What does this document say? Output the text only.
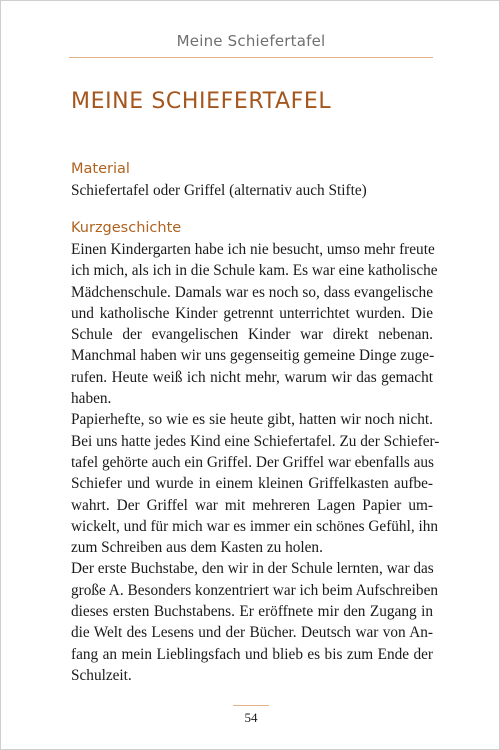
Meine Schiefertafel
MEINE SCHIEFERTAFEL
Material
Schiefertafel oder Griffel (alternativ auch Stifte)
Kurzgeschichte
Einen Kindergarten habe ich nie besucht, umso mehr freute
ich mich, als ich in die Schule kam. Es war eine katholische
Mädchenschule. Damals war es noch so, dass evangelische
und katholische Kinder getrennt unterrichtet wurden. Die
Schule der evangelischen Kinder war direkt nebenan.
Manchmal haben wir uns gegenseitig gemeine Dinge zuge-
rufen. Heute weiß ich nicht mehr, warum wir das gemacht
haben.
Papierhefte, so wie es sie heute gibt, hatten wir noch nicht.
Bei uns hatte jedes Kind eine Schiefertafel. Zu der Schiefer-
tafel gehörte auch ein Griffel. Der Griffel war ebenfalls aus
Schiefer und wurde in einem kleinen Griffelkasten aufbe-
wahrt. Der Griffel war mit mehreren Lagen Papier um-
wickelt, und für mich war es immer ein schönes Gefühl, ihn
zum Schreiben aus dem Kasten zu holen.
Der erste Buchstabe, den wir in der Schule lernten, war das
große A. Besonders konzentriert war ich beim Aufschreiben
dieses ersten Buchstabens. Er eröffnete mir den Zugang in
die Welt des Lesens und der Bücher. Deutsch war von An-
fang an mein Lieblingsfach und blieb es bis zum Ende der
Schulzeit.
54
